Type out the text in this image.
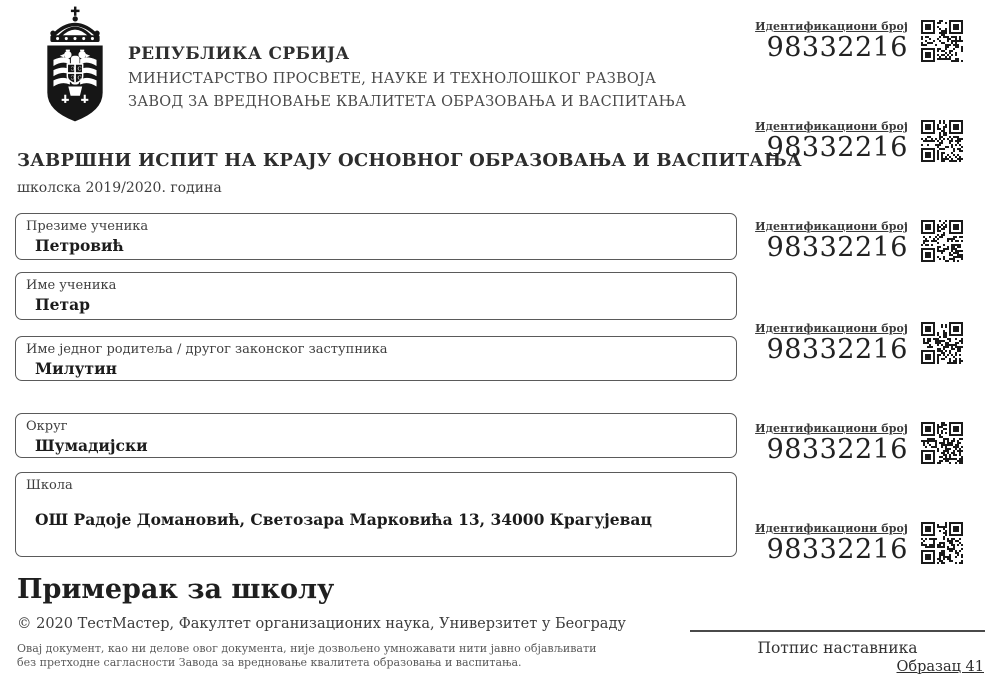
Ɔ C
Ɔ C
РЕПУБЛИКА СРБИЈА
МИНИСТАРСТВО ПРОСВЕТЕ, НАУКЕ И ТЕХНОЛОШКОГ РАЗВОЈА
ЗАВОД ЗА ВРЕДНОВАЊЕ КВАЛИТЕТА ОБРАЗОВАЊА И ВАСПИТАЊА
ЗАВРШНИ ИСПИТ НА КРАЈУ ОСНОВНОГ ОБРАЗОВАЊА И ВАСПИТАЊА
школска 2019/2020. година
Презиме ученика
Петровић
Име ученика
Петар
Име једног родитеља / другог законског заступника
Милутин
Округ
Шумадијски
Школа
ОШ Радоје Домановић, Светозара Марковића 13, 34000 Крагујевац
Идентификациони број
98332216
Идентификациони број
98332216
Идентификациони број
98332216
Идентификациони број
98332216
Идентификациони број
98332216
Идентификациони број
98332216
Примерак за школу
© 2020 ТестМастер, Факултет организационих наука, Универзитет у Београду
Овај документ, као ни делове овог документа, није дозвољено умножавати нити јавно објављивати
без претходне сагласности Завода за вредновање квалитета образовања и васпитања.
Потпис наставника
Образац 41
